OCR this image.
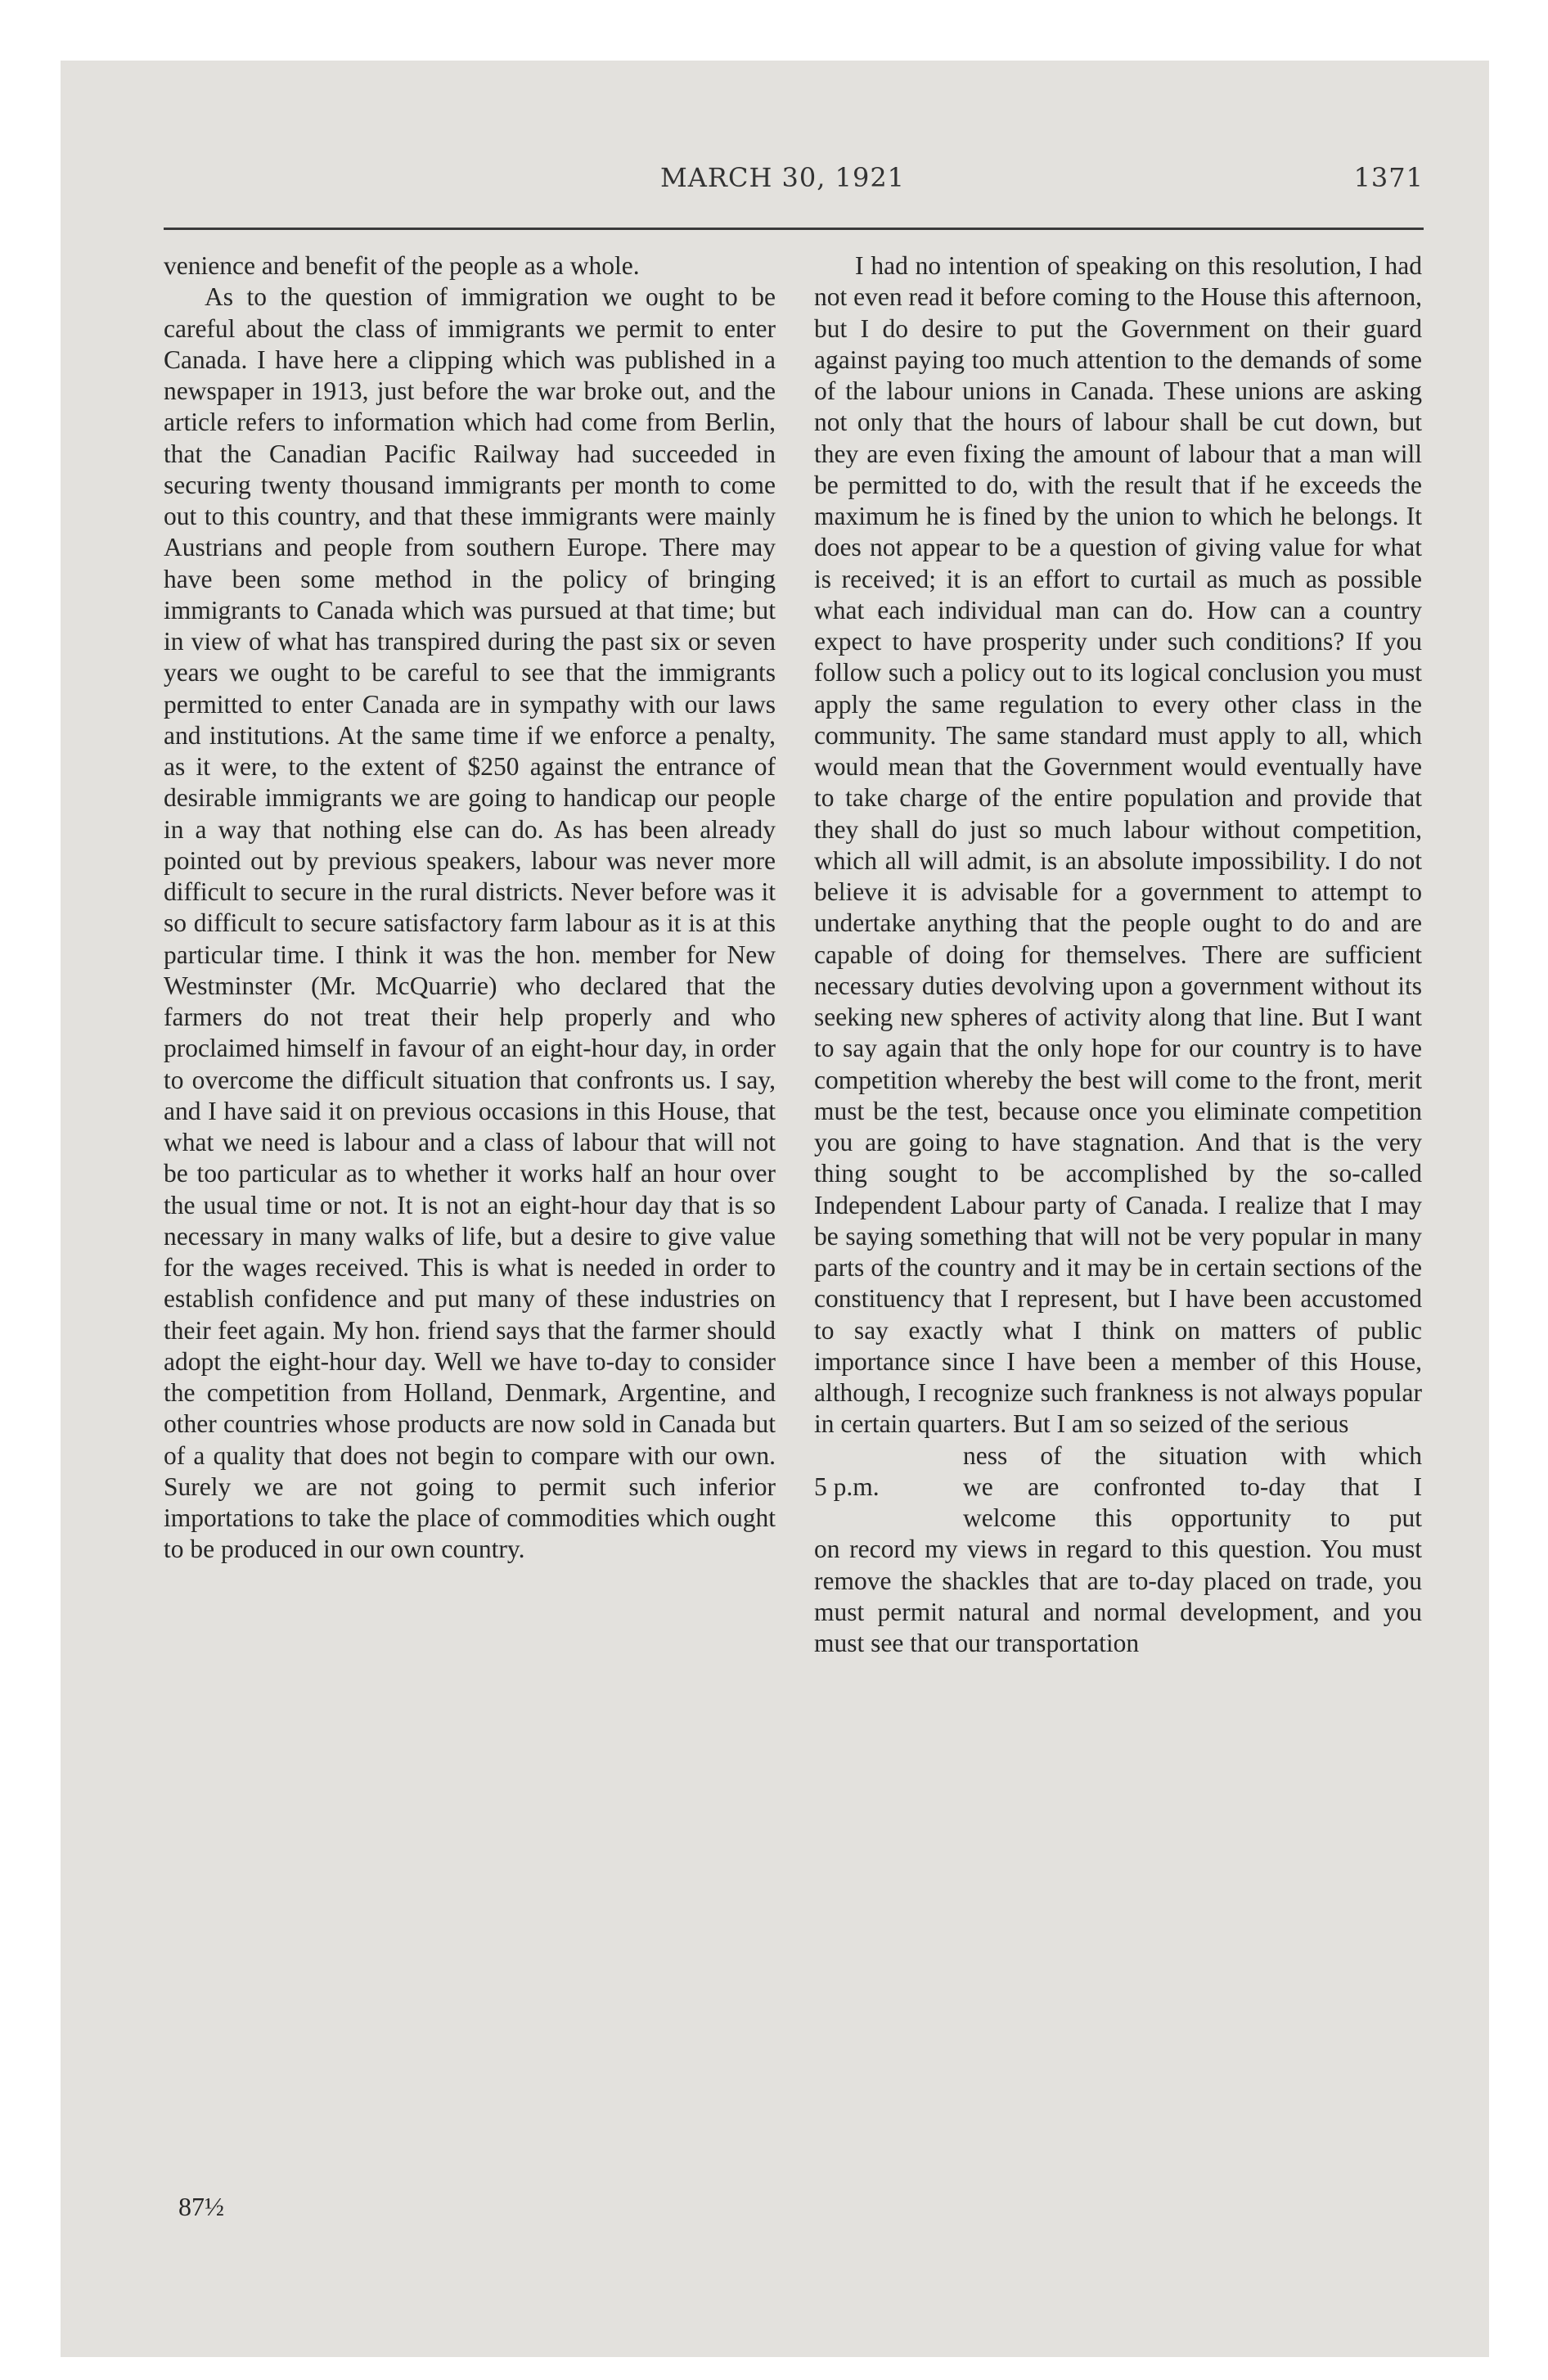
MARCH 30, 1921	1371

venience and benefit of the people as a whole.

As to the question of immigration we ought to be careful about the class of immigrants we permit to enter Canada. I have here a clipping which was published in a newspaper in 1913, just before the war broke out, and the article refers to information which had come from Berlin, that the Canadian Pacific Railway had succeeded in securing twenty thousand immigrants per month to come out to this country, and that these immigrants were mainly Austrians and people from southern Europe. There may have been some method in the policy of bringing immigrants to Canada which was pursued at that time; but in view of what has transpired during the past six or seven years we ought to be careful to see that the immigrants permitted to enter Canada are in sympathy with our laws and institutions. At the same time if we enforce a penalty, as it were, to the extent of $250 against the entrance of desirable immigrants we are going to handicap our people in a way that nothing else can do. As has been already pointed out by previous speakers, labour was never more difficult to secure in the rural districts. Never before was it so difficult to secure satisfactory farm labour as it is at this particular time. I think it was the hon. member for New Westminster (Mr. McQuarrie) who declared that the farmers do not treat their help properly and who proclaimed himself in favour of an eight-hour day, in order to overcome the difficult situation that confronts us. I say, and I have said it on previous occasions in this House, that what we need is labour and a class of labour that will not be too particular as to whether it works half an hour over the usual time or not. It is not an eight-hour day that is so necessary in many walks of life, but a desire to give value for the wages received. This is what is needed in order to establish confidence and put many of these industries on their feet again. My hon. friend says that the farmer should adopt the eight-hour day. Well we have to-day to consider the competition from Holland, Denmark, Argentine, and other countries whose products are now sold in Canada but of a quality that does not begin to compare with our own. Surely we are not going to permit such inferior importations to take the place of commodities which ought to be produced in our own country.

I had no intention of speaking on this resolution, I had not even read it before coming to the House this afternoon, but I do desire to put the Government on their guard against paying too much attention to the demands of some of the labour unions in Canada. These unions are asking not only that the hours of labour shall be cut down, but they are even fixing the amount of labour that a man will be permitted to do, with the result that if he exceeds the maximum he is fined by the union to which he belongs. It does not appear to be a question of giving value for what is received; it is an effort to curtail as much as possible what each individual man can do. How can a country expect to have prosperity under such conditions? If you follow such a policy out to its logical conclusion you must apply the same regulation to every other class in the community. The same standard must apply to all, which would mean that the Government would eventually have to take charge of the entire population and provide that they shall do just so much labour without competition, which all will admit, is an absolute impossibility. I do not believe it is advisable for a government to attempt to undertake anything that the people ought to do and are capable of doing for themselves. There are sufficient necessary duties devolving upon a government without its seeking new spheres of activity along that line. But I want to say again that the only hope for our country is to have competition whereby the best will come to the front, merit must be the test, because once you eliminate competition you are going to have stagnation. And that is the very thing sought to be accomplished by the so-called Independent Labour party of Canada. I realize that I may be saying something that will not be very popular in many parts of the country and it may be in certain sections of the constituency that I represent, but I have been accustomed to say exactly what I think on matters of public importance since I have been a member of this House, although, I recognize such frankness is not always popular in certain quarters. But I am so seized of the serious

ness of the situation with which
5 p.m.	we are confronted to-day that I
welcome this opportunity to put

on record my views in regard to this question. You must remove the shackles that are to-day placed on trade, you must permit natural and normal development, and you must see that our transportation

87½
